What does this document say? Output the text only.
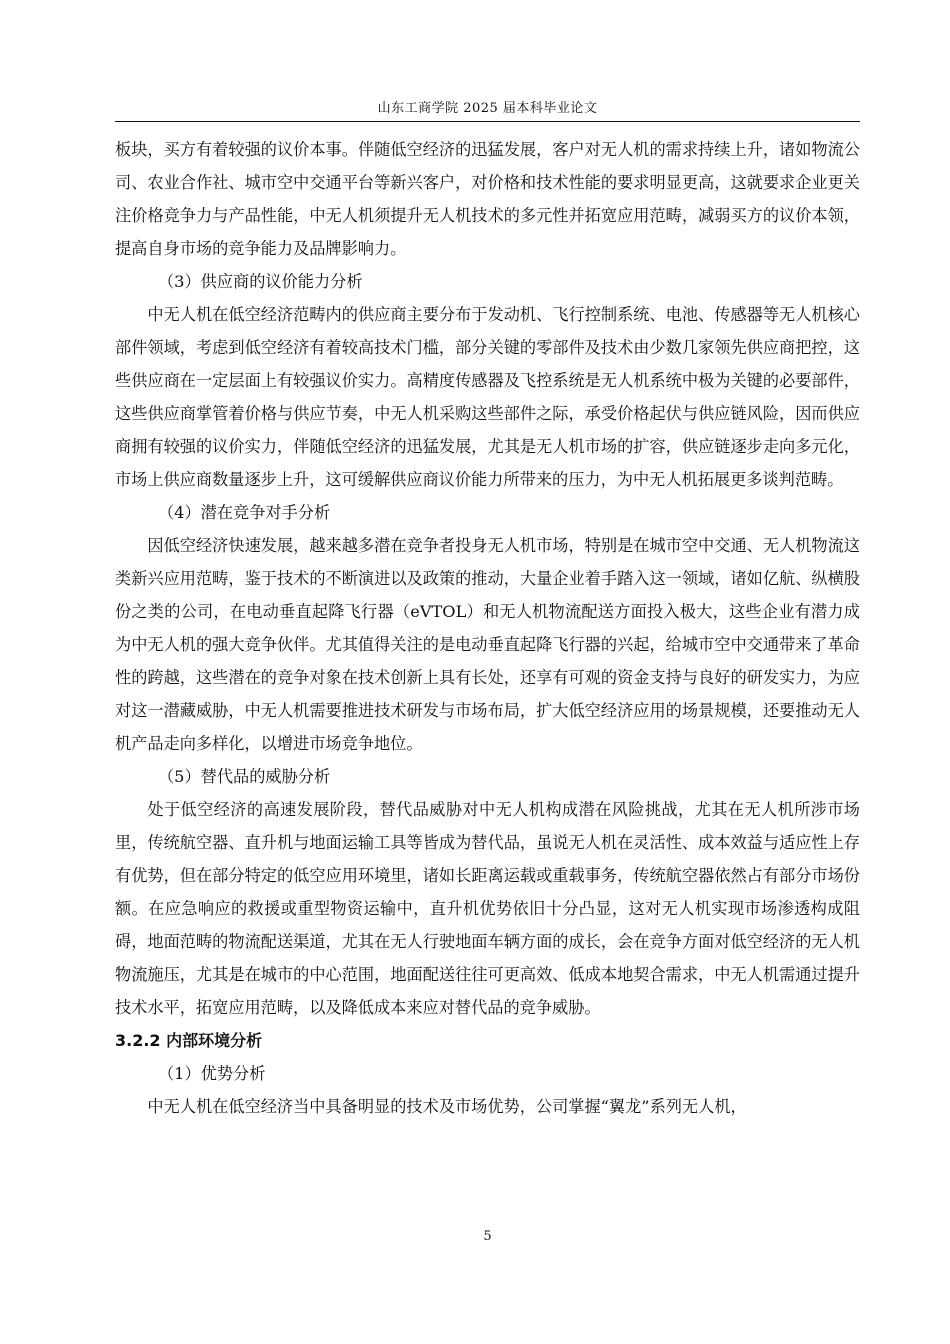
山东工商学院 2025 届本科毕业论文

板块，买方有着较强的议价本事。伴随低空经济的迅猛发展，客户对无人机的需求持续上升，诸如物流公司、农业合作社、城市空中交通平台等新兴客户，对价格和技术性能的要求明显更高，这就要求企业更关注价格竞争力与产品性能，中无人机须提升无人机技术的多元性并拓宽应用范畴，减弱买方的议价本领，提高自身市场的竞争能力及品牌影响力。

（3）供应商的议价能力分析

中无人机在低空经济范畴内的供应商主要分布于发动机、飞行控制系统、电池、传感器等无人机核心部件领域，考虑到低空经济有着较高技术门槛，部分关键的零部件及技术由少数几家领先供应商把控，这些供应商在一定层面上有较强议价实力。高精度传感器及飞控系统是无人机系统中极为关键的必要部件，这些供应商掌管着价格与供应节奏，中无人机采购这些部件之际，承受价格起伏与供应链风险，因而供应商拥有较强的议价实力，伴随低空经济的迅猛发展，尤其是无人机市场的扩容，供应链逐步走向多元化，市场上供应商数量逐步上升，这可缓解供应商议价能力所带来的压力，为中无人机拓展更多谈判范畴。

（4）潜在竞争对手分析

因低空经济快速发展，越来越多潜在竞争者投身无人机市场，特别是在城市空中交通、无人机物流这类新兴应用范畴，鉴于技术的不断演进以及政策的推动，大量企业着手踏入这一领域，诸如亿航、纵横股份之类的公司，在电动垂直起降飞行器（eVTOL）和无人机物流配送方面投入极大，这些企业有潜力成为中无人机的强大竞争伙伴。尤其值得关注的是电动垂直起降飞行器的兴起，给城市空中交通带来了革命性的跨越，这些潜在的竞争对象在技术创新上具有长处，还享有可观的资金支持与良好的研发实力，为应对这一潜藏威胁，中无人机需要推进技术研发与市场布局，扩大低空经济应用的场景规模，还要推动无人机产品走向多样化，以增进市场竞争地位。

（5）替代品的威胁分析

处于低空经济的高速发展阶段，替代品威胁对中无人机构成潜在风险挑战，尤其在无人机所涉市场里，传统航空器、直升机与地面运输工具等皆成为替代品，虽说无人机在灵活性、成本效益与适应性上存有优势，但在部分特定的低空应用环境里，诸如长距离运载或重载事务，传统航空器依然占有部分市场份额。在应急响应的救援或重型物资运输中，直升机优势依旧十分凸显，这对无人机实现市场渗透构成阻碍，地面范畴的物流配送渠道，尤其在无人行驶地面车辆方面的成长，会在竞争方面对低空经济的无人机物流施压，尤其是在城市的中心范围，地面配送往往可更高效、低成本地契合需求，中无人机需通过提升技术水平，拓宽应用范畴，以及降低成本来应对替代品的竞争威胁。

3.2.2 内部环境分析

（1）优势分析

中无人机在低空经济当中具备明显的技术及市场优势，公司掌握“翼龙”系列无人机，

5
